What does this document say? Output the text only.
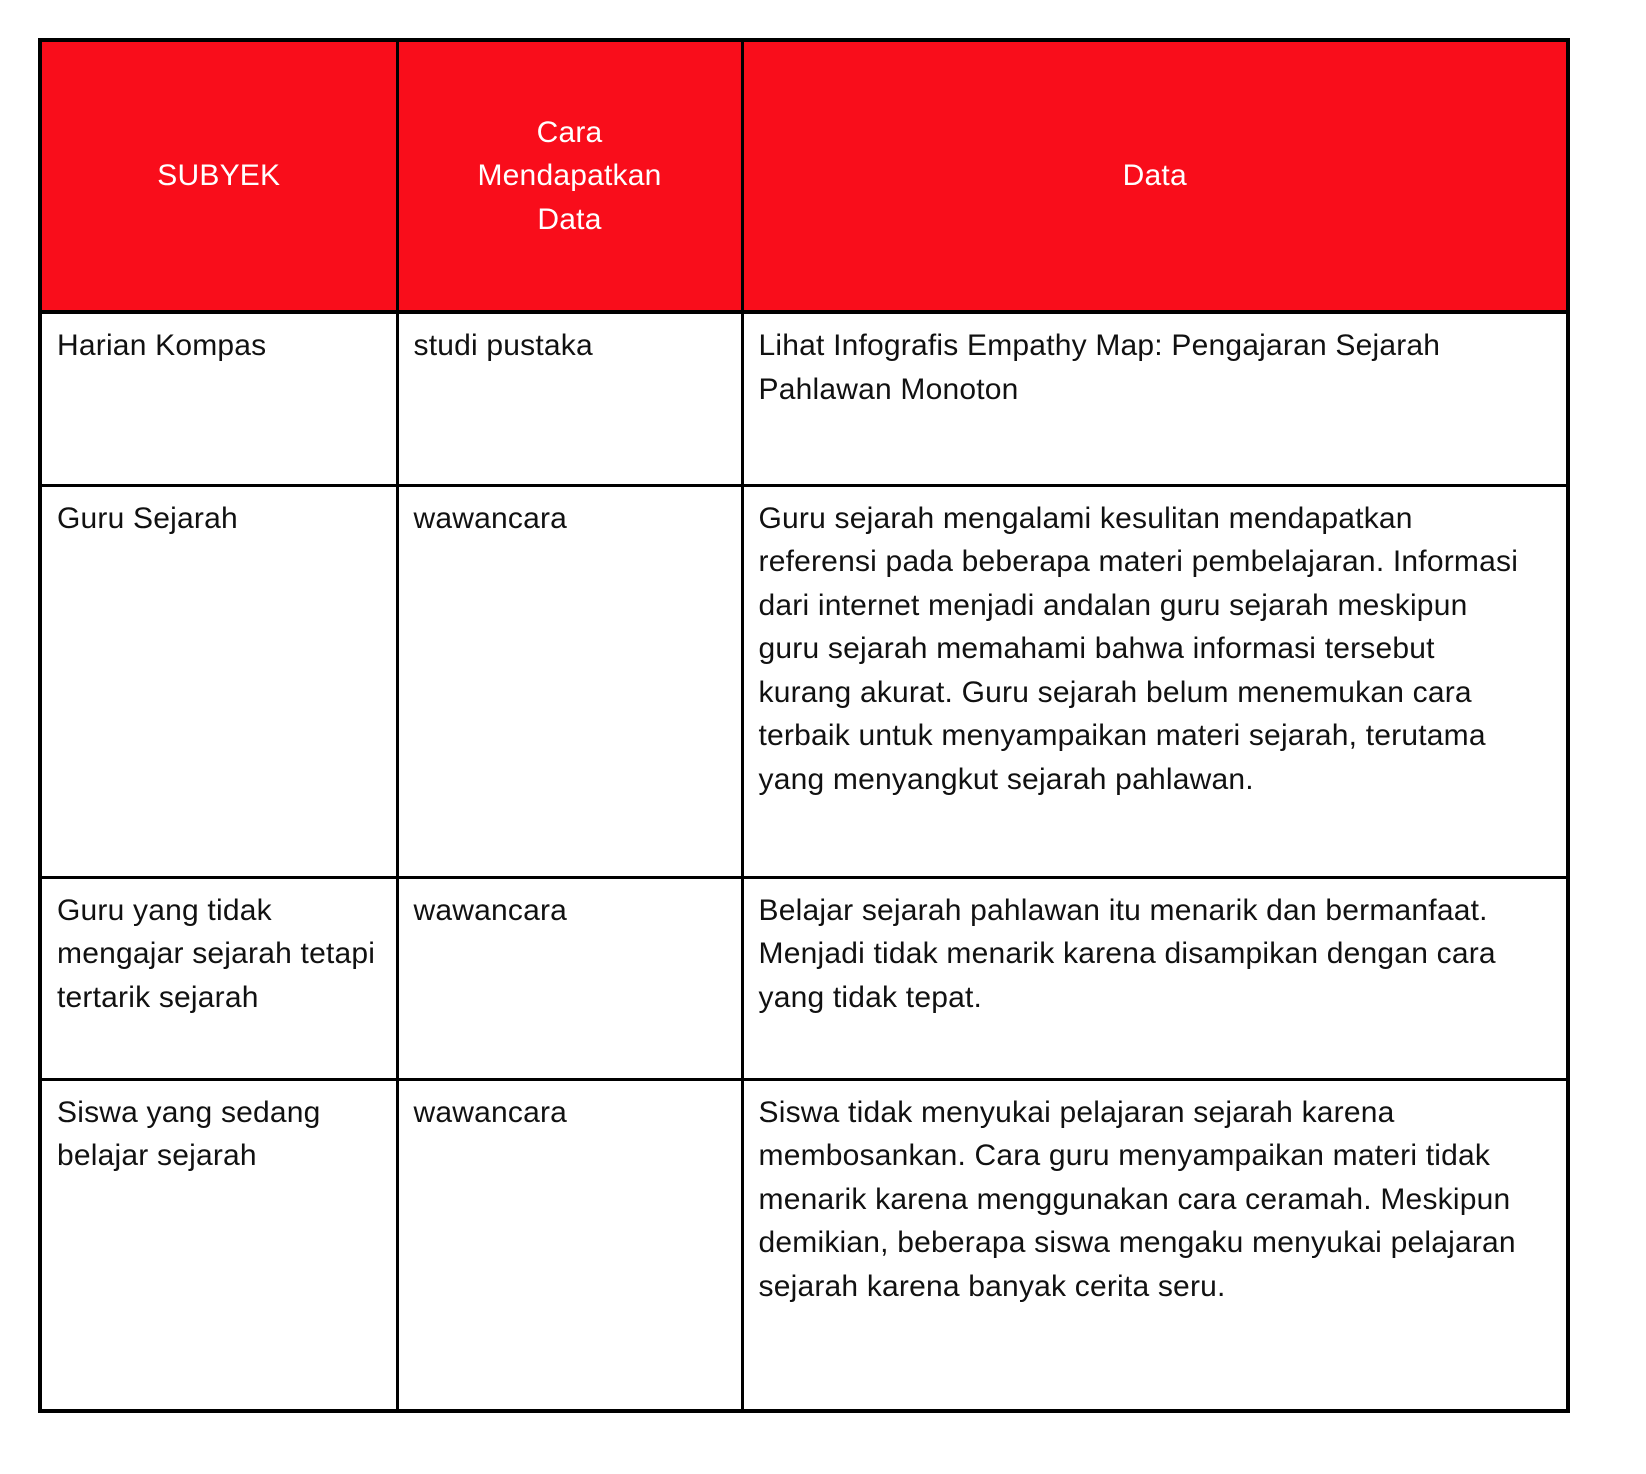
SUBYEK	Cara Mendapatkan Data	Data

Harian Kompas	studi pustaka	Lihat Infografis Empathy Map: Pengajaran Sejarah Pahlawan Monoton

Guru Sejarah	wawancara	Guru sejarah mengalami kesulitan mendapatkan referensi pada beberapa materi pembelajaran. Informasi dari internet menjadi andalan guru sejarah meskipun guru sejarah memahami bahwa informasi tersebut kurang akurat. Guru sejarah belum menemukan cara terbaik untuk menyampaikan materi sejarah, terutama yang menyangkut sejarah pahlawan.

Guru yang tidak mengajar sejarah tetapi tertarik sejarah	wawancara	Belajar sejarah pahlawan itu menarik dan bermanfaat. Menjadi tidak menarik karena disampikan dengan cara yang tidak tepat.

Siswa yang sedang belajar sejarah	wawancara	Siswa tidak menyukai pelajaran sejarah karena membosankan. Cara guru menyampaikan materi tidak menarik karena menggunakan cara ceramah. Meskipun demikian, beberapa siswa mengaku menyukai pelajaran sejarah karena banyak cerita seru.
